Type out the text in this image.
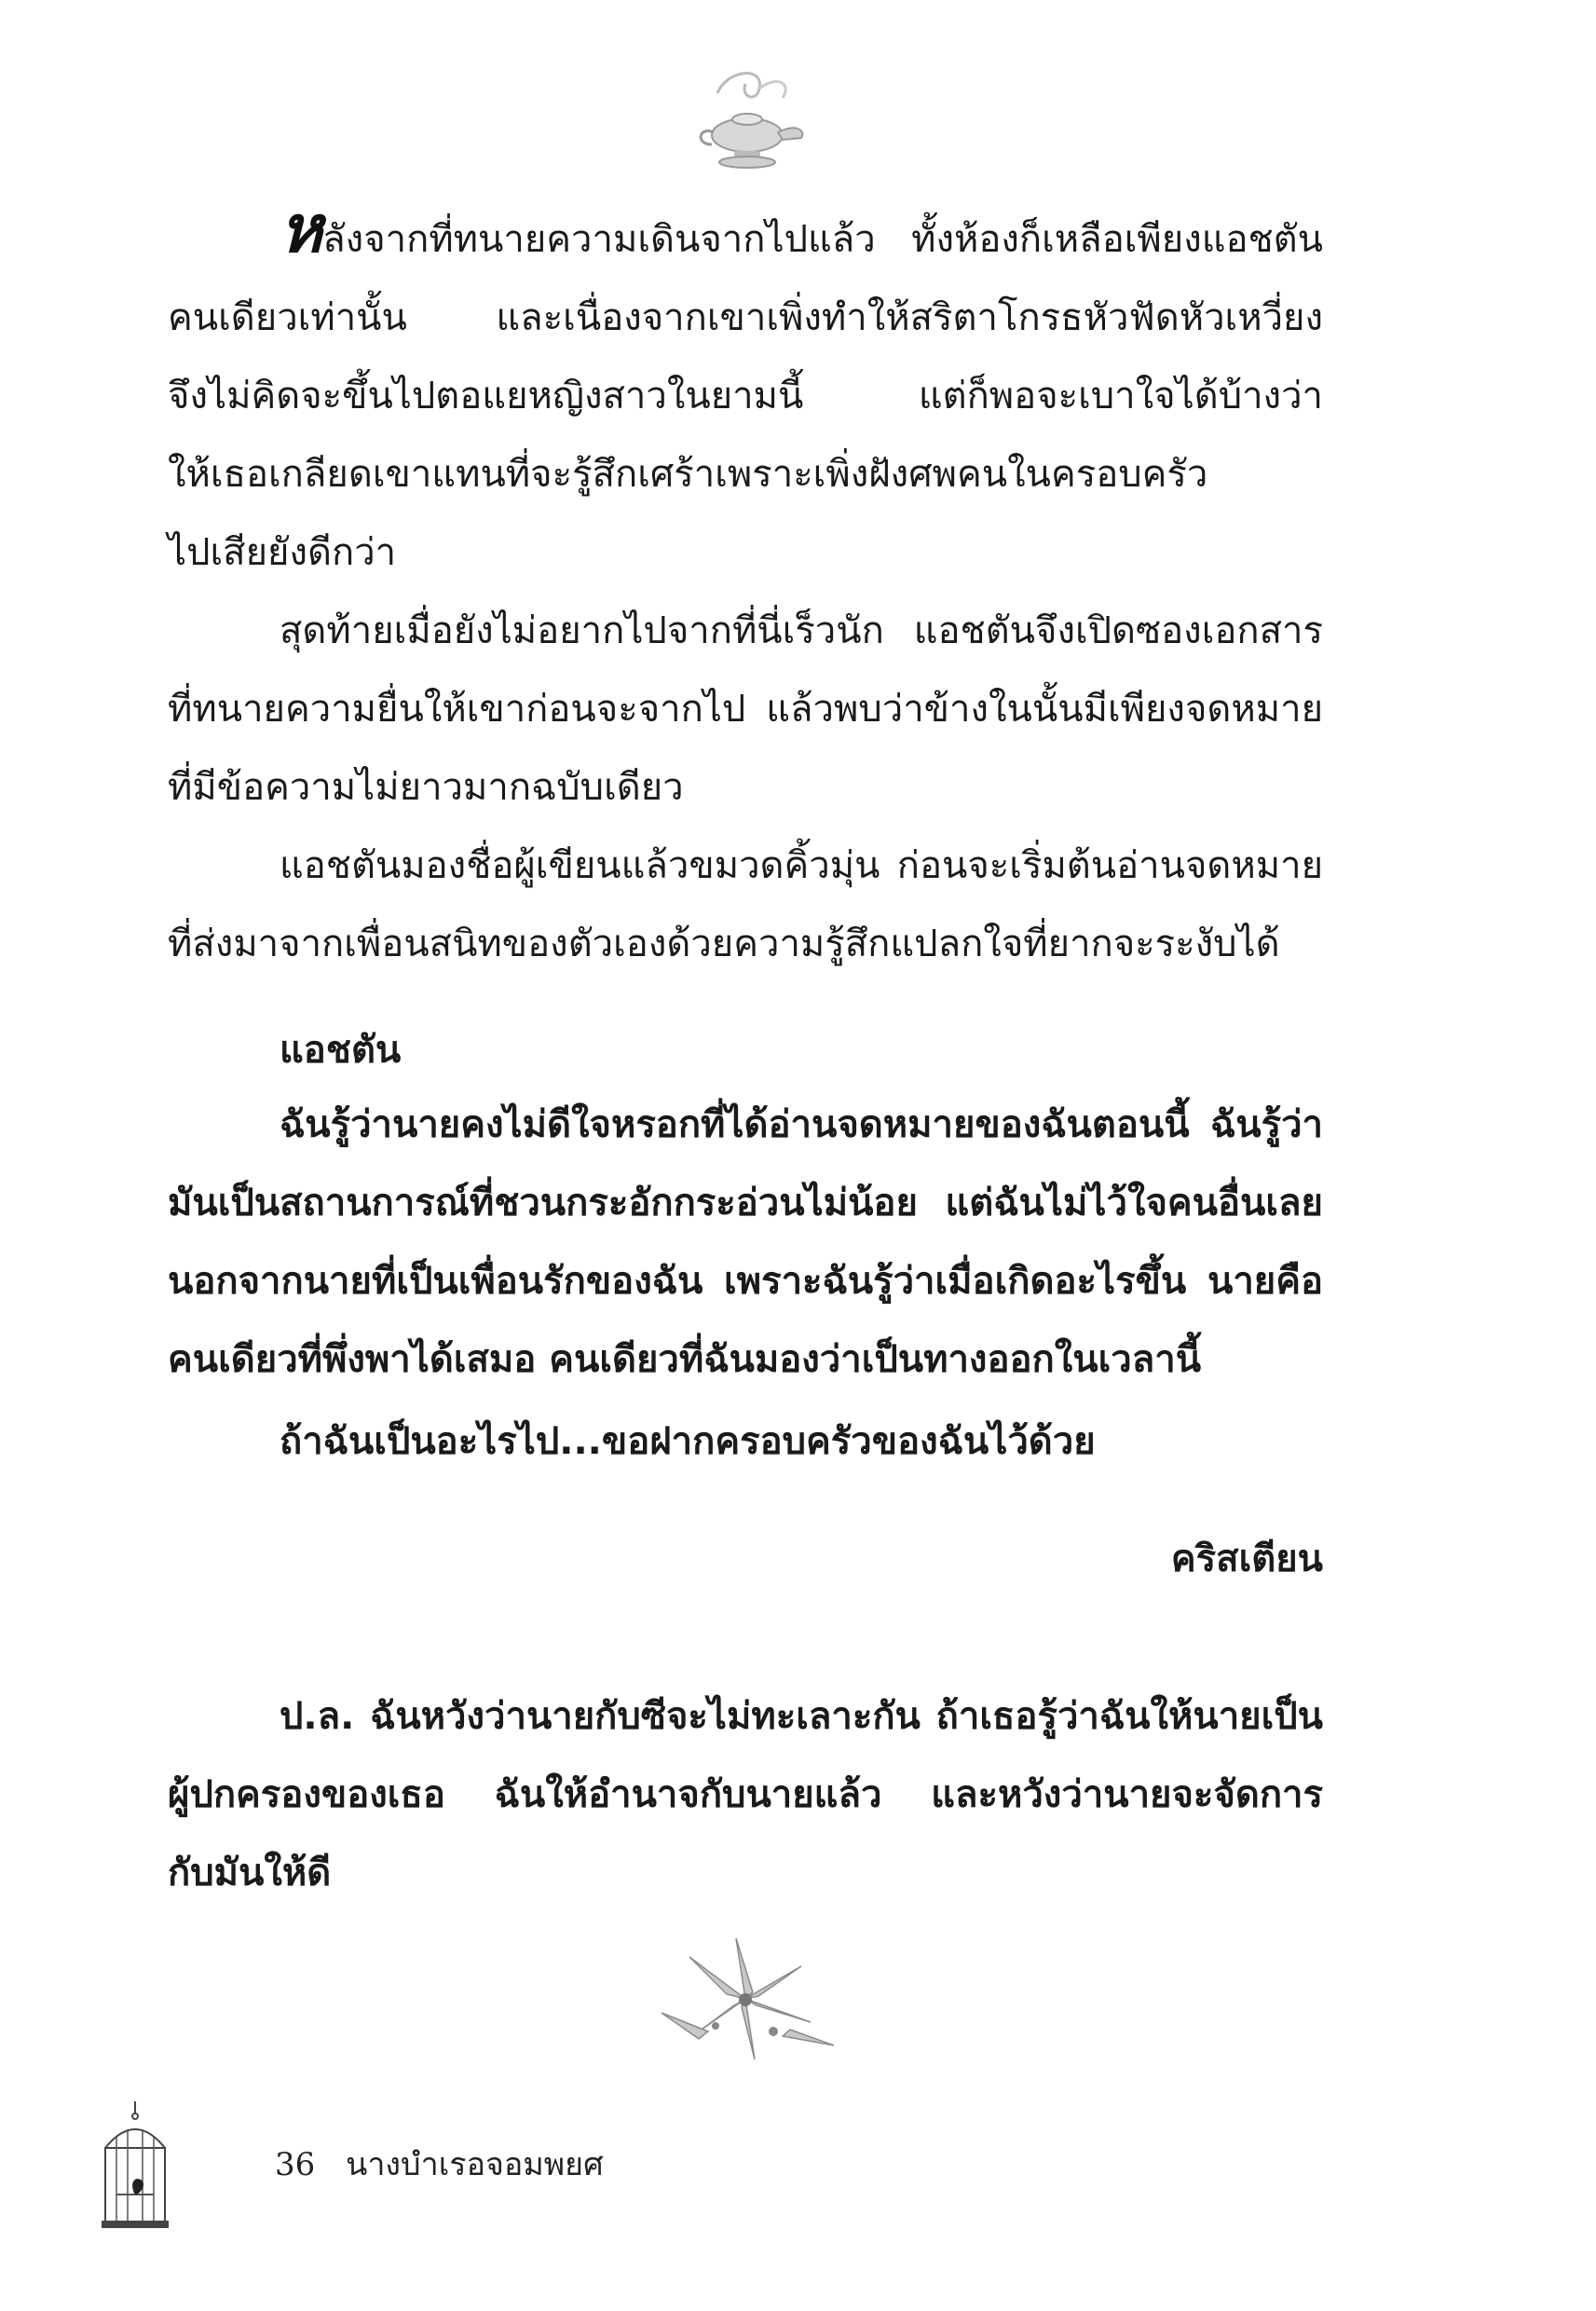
หลังจากที่ทนายความเดินจากไปแล้ว ทั้งห้องก็เหลือเพียงแอชตัน
คนเดียวเท่านั้น และเนื่องจากเขาเพิ่งทำให้สริตาโกรธหัวฟัดหัวเหวี่ยง
จึงไม่คิดจะขึ้นไปตอแยหญิงสาวในยามนี้ แต่ก็พอจะเบาใจได้บ้างว่า
ให้เธอเกลียดเขาแทนที่จะรู้สึกเศร้าเพราะเพิ่งฝังศพคนในครอบครัว
ไปเสียยังดีกว่า
สุดท้ายเมื่อยังไม่อยากไปจากที่นี่เร็วนัก แอชตันจึงเปิดซองเอกสาร
ที่ทนายความยื่นให้เขาก่อนจะจากไป แล้วพบว่าข้างในนั้นมีเพียงจดหมาย
ที่มีข้อความไม่ยาวมากฉบับเดียว
แอชตันมองชื่อผู้เขียนแล้วขมวดคิ้วมุ่น ก่อนจะเริ่มต้นอ่านจดหมาย
ที่ส่งมาจากเพื่อนสนิทของตัวเองด้วยความรู้สึกแปลกใจที่ยากจะระงับได้
แอชตัน
ฉันรู้ว่านายคงไม่ดีใจหรอกที่ได้อ่านจดหมายของฉันตอนนี้ ฉันรู้ว่า
มันเป็นสถานการณ์ที่ชวนกระอักกระอ่วนไม่น้อย แต่ฉันไม่ไว้ใจคนอื่นเลย
นอกจากนายที่เป็นเพื่อนรักของฉัน เพราะฉันรู้ว่าเมื่อเกิดอะไรขึ้น นายคือ
คนเดียวที่พึ่งพาได้เสมอ คนเดียวที่ฉันมองว่าเป็นทางออกในเวลานี้
ถ้าฉันเป็นอะไรไป...ขอฝากครอบครัวของฉันไว้ด้วย
คริสเตียน
ป.ล. ฉันหวังว่านายกับซีจะไม่ทะเลาะกัน ถ้าเธอรู้ว่าฉันให้นายเป็น
ผู้ปกครองของเธอ ฉันให้อำนาจกับนายแล้ว และหวังว่านายจะจัดการ
กับมันให้ดี
36 นางบำเรอจอมพยศ
